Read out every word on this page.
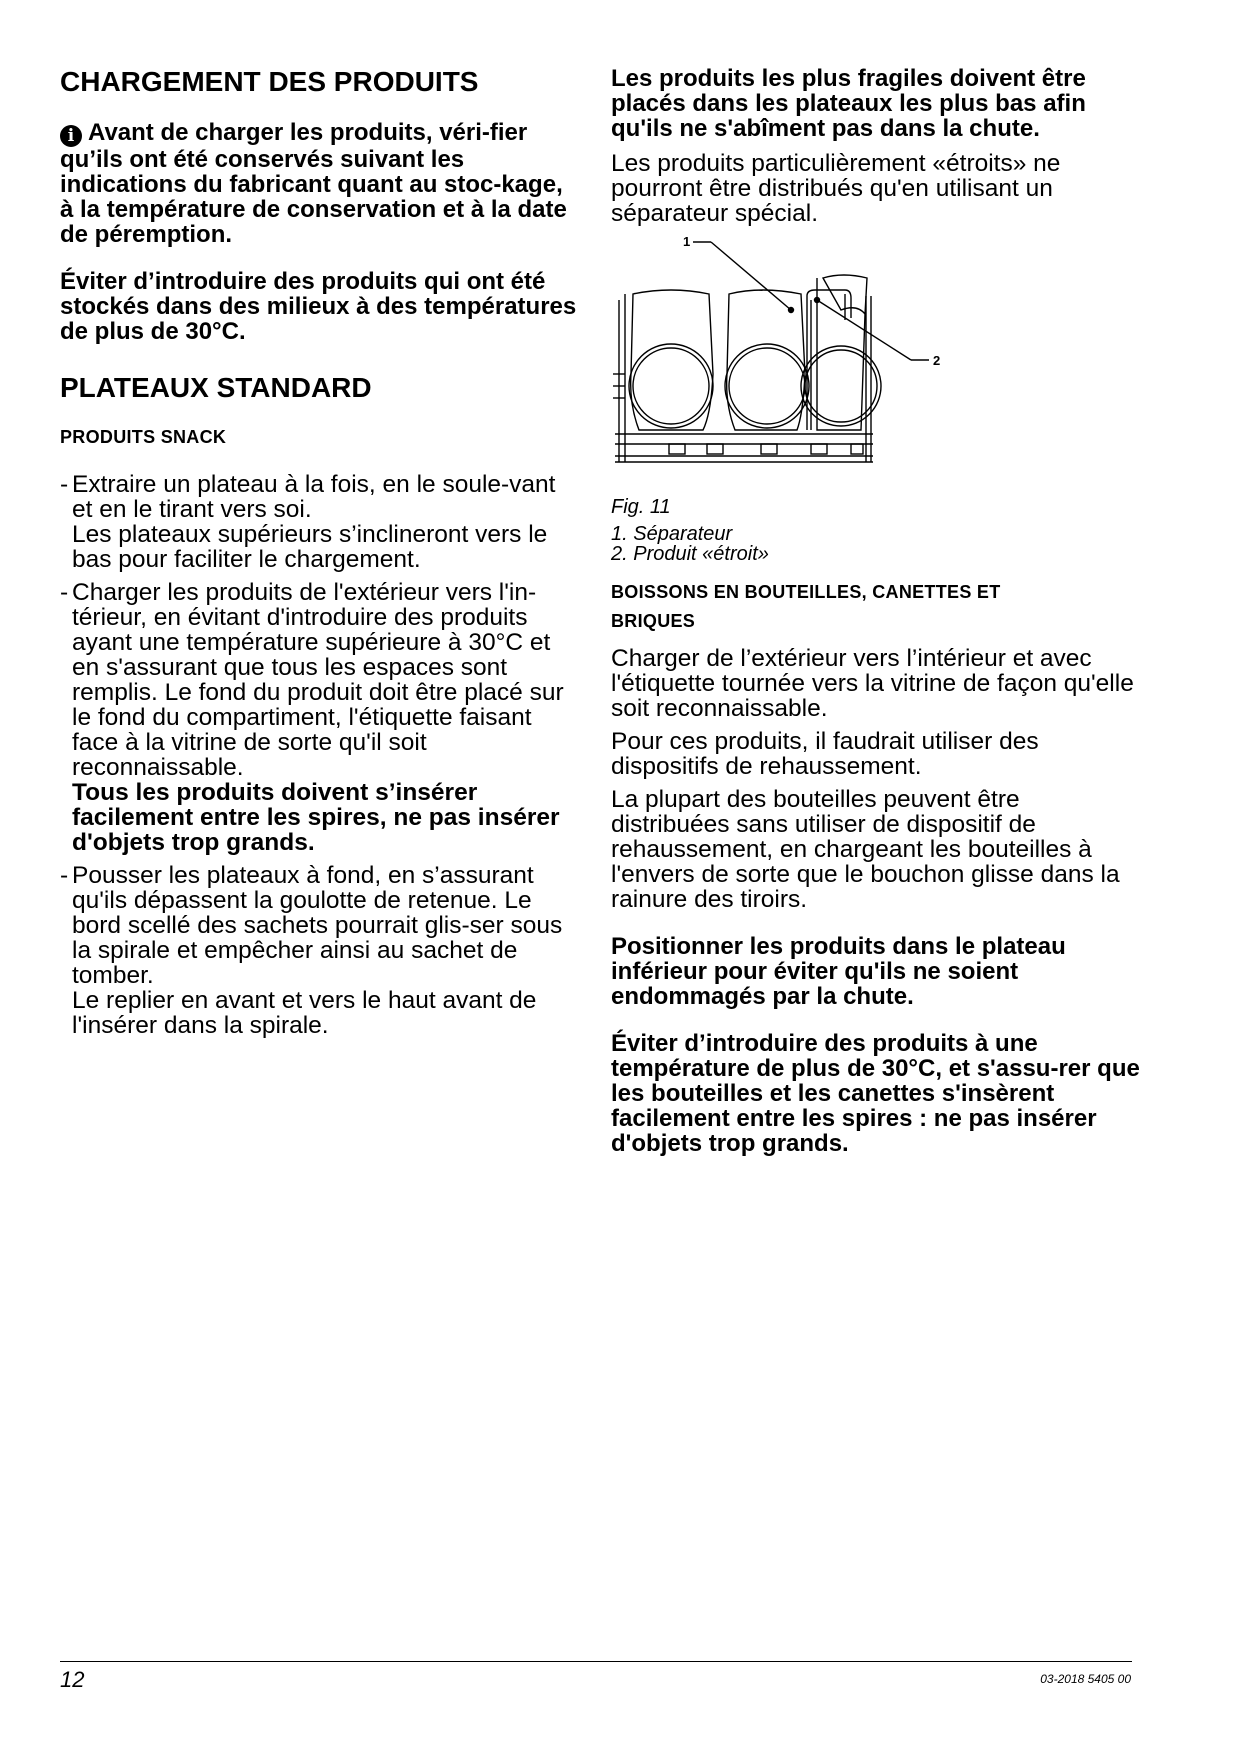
CHARGEMENT DES PRODUITS

i Avant de charger les produits, véri-fier qu’ils ont été conservés suivant les indications du fabricant quant au stoc-kage, à la température de conservation et à la date de péremption.

Éviter d’introduire des produits qui ont été stockés dans des milieux à des températures de plus de 30°C.

PLATEAUX STANDARD
PRODUITS SNACK
- Extraire un plateau à la fois, en le soule-vant et en le tirant vers soi.
Les plateaux supérieurs s’inclineront vers le bas pour faciliter le chargement.
- Charger les produits de l'extérieur vers l'in-térieur, en évitant d'introduire des produits ayant une température supérieure à 30°C et en s'assurant que tous les espaces sont remplis. Le fond du produit doit être placé sur le fond du compartiment, l'étiquette faisant face à la vitrine de sorte qu'il soit reconnaissable.
Tous les produits doivent s’insérer facilement entre les spires, ne pas insérer d'objets trop grands.
- Pousser les plateaux à fond, en s’assurant qu'ils dépassent la goulotte de retenue. Le bord scellé des sachets pourrait glis-ser sous la spirale et empêcher ainsi au sachet de tomber.
Le replier en avant et vers le haut avant de l'insérer dans la spirale.

Les produits les plus fragiles doivent être placés dans les plateaux les plus bas afin qu'ils ne s'abîment pas dans la chute.

Les produits particulièrement «étroits» ne pourront être distribués qu'en utilisant un séparateur spécial.

1
2

Fig. 11

1. Séparateur
2. Produit «étroit»
BOISSONS EN BOUTEILLES, CANETTES ET
BRIQUES

Charger de l’extérieur vers l’intérieur et avec l'étiquette tournée vers la vitrine de façon qu'elle soit reconnaissable.

Pour ces produits, il faudrait utiliser des dispositifs de rehaussement.

La plupart des bouteilles peuvent être distribuées sans utiliser de dispositif de rehaussement, en chargeant les bouteilles à l'envers de sorte que le bouchon glisse dans la rainure des tiroirs.

Positionner les produits dans le plateau inférieur pour éviter qu'ils ne soient endommagés par la chute.

Éviter d’introduire des produits à une température de plus de 30°C, et s'assu-rer que les bouteilles et les canettes s'insèrent facilement entre les spires : ne pas insérer d'objets trop grands.

12	03-2018 5405 00
